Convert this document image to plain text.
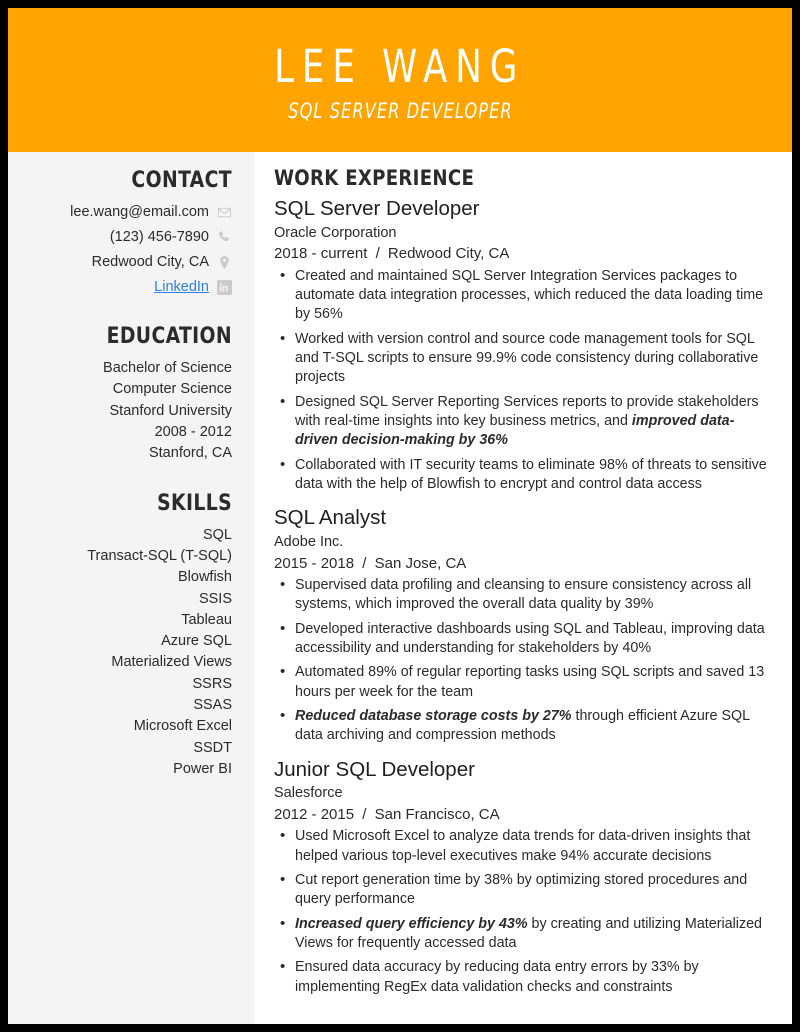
LEE WANG
SQL SERVER DEVELOPER
CONTACT
lee.wang@email.com
(123) 456-7890
Redwood City, CA
LinkedIn
EDUCATION
Bachelor of Science
Computer Science
Stanford University
2008 - 2012
Stanford, CA
SKILLS
SQL
Transact-SQL (T-SQL)
Blowfish
SSIS
Tableau
Azure SQL
Materialized Views
SSRS
SSAS
Microsoft Excel
SSDT
Power BI
WORK EXPERIENCE
SQL Server Developer
Oracle Corporation
2018 - current / Redwood City, CA
• Created and maintained SQL Server Integration Services packages to automate data integration processes, which reduced the data loading time by 56%
• Worked with version control and source code management tools for SQL and T-SQL scripts to ensure 99.9% code consistency during collaborative projects
• Designed SQL Server Reporting Services reports to provide stakeholders with real-time insights into key business metrics, and improved data-driven decision-making by 36%
• Collaborated with IT security teams to eliminate 98% of threats to sensitive data with the help of Blowfish to encrypt and control data access
SQL Analyst
Adobe Inc.
2015 - 2018 / San Jose, CA
• Supervised data profiling and cleansing to ensure consistency across all systems, which improved the overall data quality by 39%
• Developed interactive dashboards using SQL and Tableau, improving data accessibility and understanding for stakeholders by 40%
• Automated 89% of regular reporting tasks using SQL scripts and saved 13 hours per week for the team
• Reduced database storage costs by 27% through efficient Azure SQL data archiving and compression methods
Junior SQL Developer
Salesforce
2012 - 2015 / San Francisco, CA
• Used Microsoft Excel to analyze data trends for data-driven insights that helped various top-level executives make 94% accurate decisions
• Cut report generation time by 38% by optimizing stored procedures and query performance
• Increased query efficiency by 43% by creating and utilizing Materialized Views for frequently accessed data
• Ensured data accuracy by reducing data entry errors by 33% by implementing RegEx data validation checks and constraints
